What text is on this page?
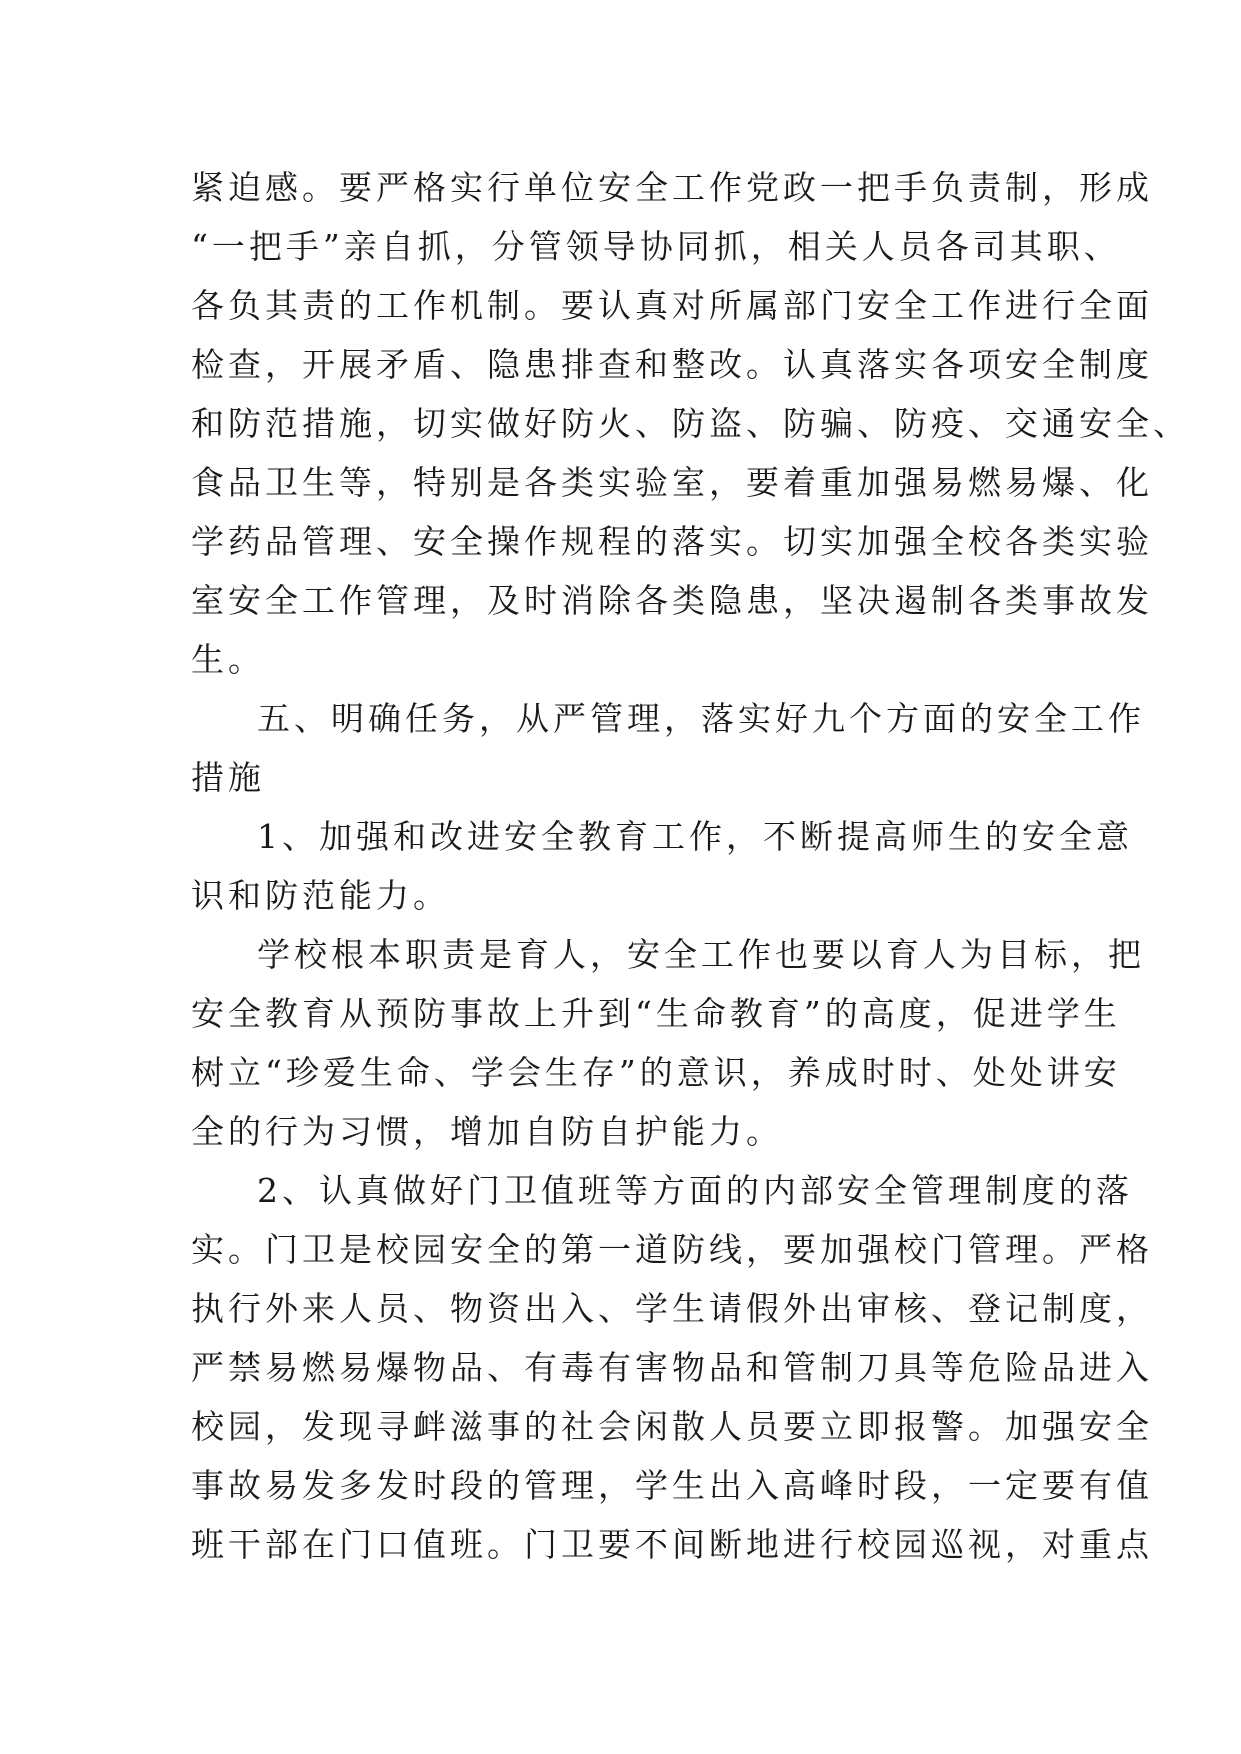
紧迫感。要严格实行单位安全工作党政一把手负责制，形成
“一把手”亲自抓，分管领导协同抓，相关人员各司其职、
各负其责的工作机制。要认真对所属部门安全工作进行全面
检查，开展矛盾、隐患排查和整改。认真落实各项安全制度
和防范措施，切实做好防火、防盗、防骗、防疫、交通安全、
食品卫生等，特别是各类实验室，要着重加强易燃易爆、化
学药品管理、安全操作规程的落实。切实加强全校各类实验
室安全工作管理，及时消除各类隐患，坚决遏制各类事故发
生。
五、明确任务，从严管理，落实好九个方面的安全工作
措施
1、加强和改进安全教育工作，不断提高师生的安全意
识和防范能力。
学校根本职责是育人，安全工作也要以育人为目标，把
安全教育从预防事故上升到“生命教育”的高度，促进学生
树立“珍爱生命、学会生存”的意识，养成时时、处处讲安
全的行为习惯，增加自防自护能力。
2、认真做好门卫值班等方面的内部安全管理制度的落
实。门卫是校园安全的第一道防线，要加强校门管理。严格
执行外来人员、物资出入、学生请假外出审核、登记制度，
严禁易燃易爆物品、有毒有害物品和管制刀具等危险品进入
校园，发现寻衅滋事的社会闲散人员要立即报警。加强安全
事故易发多发时段的管理，学生出入高峰时段，一定要有值
班干部在门口值班。门卫要不间断地进行校园巡视，对重点
